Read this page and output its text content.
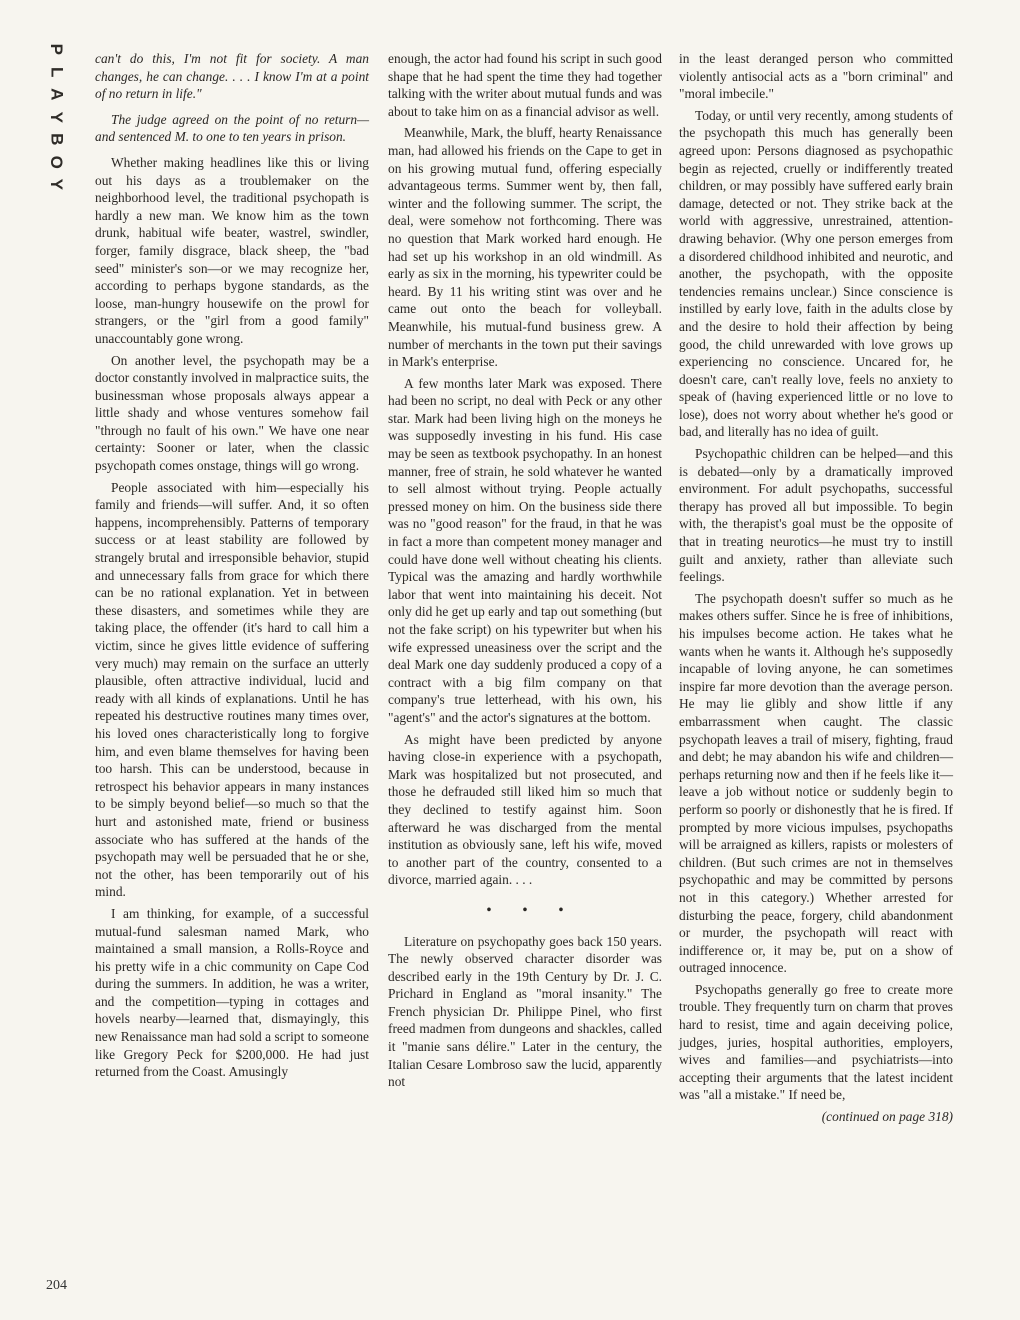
P
L
A
Y
B
O
Y
204

can't do this, I'm not fit for society. A man changes, he can change. . . . I know I'm at a point of no return in life."

The judge agreed on the point of no return—and sentenced M. to one to ten years in prison.

Whether making headlines like this or living out his days as a troublemaker on the neighborhood level, the traditional psychopath is hardly a new man. We know him as the town drunk, habitual wife beater, wastrel, swindler, forger, family disgrace, black sheep, the "bad seed" minister's son—or we may recognize her, according to perhaps bygone standards, as the loose, man-hungry housewife on the prowl for strangers, or the "girl from a good family" unaccountably gone wrong.

On another level, the psychopath may be a doctor constantly involved in malpractice suits, the businessman whose proposals always appear a little shady and whose ventures somehow fail "through no fault of his own." We have one near certainty: Sooner or later, when the classic psychopath comes onstage, things will go wrong.

People associated with him—especially his family and friends—will suffer. And, it so often happens, incomprehensibly. Patterns of temporary success or at least stability are followed by strangely brutal and irresponsible behavior, stupid and unnecessary falls from grace for which there can be no rational explanation. Yet in between these disasters, and sometimes while they are taking place, the offender (it's hard to call him a victim, since he gives little evidence of suffering very much) may remain on the surface an utterly plausible, often attractive individual, lucid and ready with all kinds of explanations. Until he has repeated his destructive routines many times over, his loved ones characteristically long to forgive him, and even blame themselves for having been too harsh. This can be understood, because in retrospect his behavior appears in many instances to be simply beyond belief—so much so that the hurt and astonished mate, friend or business associate who has suffered at the hands of the psychopath may well be persuaded that he or she, not the other, has been temporarily out of his mind.

I am thinking, for example, of a successful mutual-fund salesman named Mark, who maintained a small mansion, a Rolls-Royce and his pretty wife in a chic community on Cape Cod during the summers. In addition, he was a writer, and the competition—typing in cottages and hovels nearby—learned that, dismayingly, this new Renaissance man had sold a script to someone like Gregory Peck for $200,000. He had just returned from the Coast. Amusingly

enough, the actor had found his script in such good shape that he had spent the time they had together talking with the writer about mutual funds and was about to take him on as a financial advisor as well.

Meanwhile, Mark, the bluff, hearty Renaissance man, had allowed his friends on the Cape to get in on his growing mutual fund, offering especially advantageous terms. Summer went by, then fall, winter and the following summer. The script, the deal, were somehow not forthcoming. There was no question that Mark worked hard enough. He had set up his workshop in an old windmill. As early as six in the morning, his typewriter could be heard. By 11 his writing stint was over and he came out onto the beach for volleyball. Meanwhile, his mutual-fund business grew. A number of merchants in the town put their savings in Mark's enterprise.

A few months later Mark was exposed. There had been no script, no deal with Peck or any other star. Mark had been living high on the moneys he was supposedly investing in his fund. His case may be seen as textbook psychopathy. In an honest manner, free of strain, he sold whatever he wanted to sell almost without trying. People actually pressed money on him. On the business side there was no "good reason" for the fraud, in that he was in fact a more than competent money manager and could have done well without cheating his clients. Typical was the amazing and hardly worthwhile labor that went into maintaining his deceit. Not only did he get up early and tap out something (but not the fake script) on his typewriter but when his wife expressed uneasiness over the script and the deal Mark one day suddenly produced a copy of a contract with a big film company on that company's true letterhead, with his own, his "agent's" and the actor's signatures at the bottom.

As might have been predicted by anyone having close-in experience with a psychopath, Mark was hospitalized but not prosecuted, and those he defrauded still liked him so much that they declined to testify against him. Soon afterward he was discharged from the mental institution as obviously sane, left his wife, moved to another part of the country, consented to a divorce, married again. . . .

• • •

Literature on psychopathy goes back 150 years. The newly observed character disorder was described early in the 19th Century by Dr. J. C. Prichard in England as "moral insanity." The French physician Dr. Philippe Pinel, who first freed madmen from dungeons and shackles, called it "manie sans délire." Later in the century, the Italian Cesare Lombroso saw the lucid, apparently not

in the least deranged person who committed violently antisocial acts as a "born criminal" and "moral imbecile."

Today, or until very recently, among students of the psychopath this much has generally been agreed upon: Persons diagnosed as psychopathic begin as rejected, cruelly or indifferently treated children, or may possibly have suffered early brain damage, detected or not. They strike back at the world with aggressive, unrestrained, attention-drawing behavior. (Why one person emerges from a disordered childhood inhibited and neurotic, and another, the psychopath, with the opposite tendencies remains unclear.) Since conscience is instilled by early love, faith in the adults close by and the desire to hold their affection by being good, the child unrewarded with love grows up experiencing no conscience. Uncared for, he doesn't care, can't really love, feels no anxiety to speak of (having experienced little or no love to lose), does not worry about whether he's good or bad, and literally has no idea of guilt.

Psychopathic children can be helped—and this is debated—only by a dramatically improved environment. For adult psychopaths, successful therapy has proved all but impossible. To begin with, the therapist's goal must be the opposite of that in treating neurotics—he must try to instill guilt and anxiety, rather than alleviate such feelings.

The psychopath doesn't suffer so much as he makes others suffer. Since he is free of inhibitions, his impulses become action. He takes what he wants when he wants it. Although he's supposedly incapable of loving anyone, he can sometimes inspire far more devotion than the average person. He may lie glibly and show little if any embarrassment when caught. The classic psychopath leaves a trail of misery, fighting, fraud and debt; he may abandon his wife and children—perhaps returning now and then if he feels like it—leave a job without notice or suddenly begin to perform so poorly or dishonestly that he is fired. If prompted by more vicious impulses, psychopaths will be arraigned as killers, rapists or molesters of children. (But such crimes are not in themselves psychopathic and may be committed by persons not in this category.) Whether arrested for disturbing the peace, forgery, child abandonment or murder, the psychopath will react with indifference or, it may be, put on a show of outraged innocence.

Psychopaths generally go free to create more trouble. They frequently turn on charm that proves hard to resist, time and again deceiving police, judges, juries, hospital authorities, employers, wives and families—and psychiatrists—into accepting their arguments that the latest incident was "all a mistake." If need be,

(continued on page 318)
